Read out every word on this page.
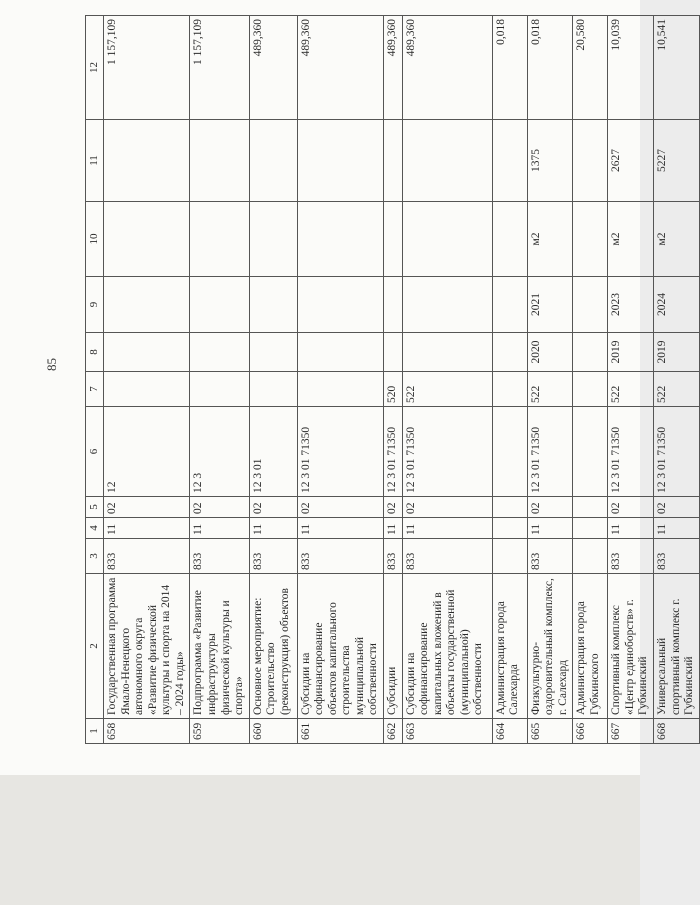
85
1	2	3	4	5	6	7	8	9	10	11	12
658	Государственная программа Ямало-Ненецкого автономного округа «Развитие физической культуры и спорта на 2014 – 2024 годы»	833	11	02	12						1 157,109
659	Подпрограмма «Развитие инфраструктуры физической культуры и спорта»	833	11	02	12 3						1 157,109
660	Основное мероприятие: Строительство (реконструкция) объектов	833	11	02	12 3 01						489,360
661	Субсидии на софинансирование объектов капитального строительства муниципальной собственности	833	11	02	12 3 01 71350						489,360
662	Субсидии	833	11	02	12 3 01 71350	520					489,360
663	Субсидии на софинансирование капитальных вложений в объекты государственной (муниципальной) собственности	833	11	02	12 3 01 71350	522					489,360
664	Администрация города Салехарда										0,018
665	Физкультурно-оздоровительный комплекс, г. Салехард	833	11	02	12 3 01 71350	522	2020	2021	м2	1375	0,018
666	Администрация города Губкинского										20,580
667	Спортивный комплекс «Центр единоборств» г. Губкинский	833	11	02	12 3 01 71350	522	2019	2023	м2	2627	10,039
668	Универсальный спортивный комплекс г. Губкинский	833	11	02	12 3 01 71350	522	2019	2024	м2	5227	10,541
